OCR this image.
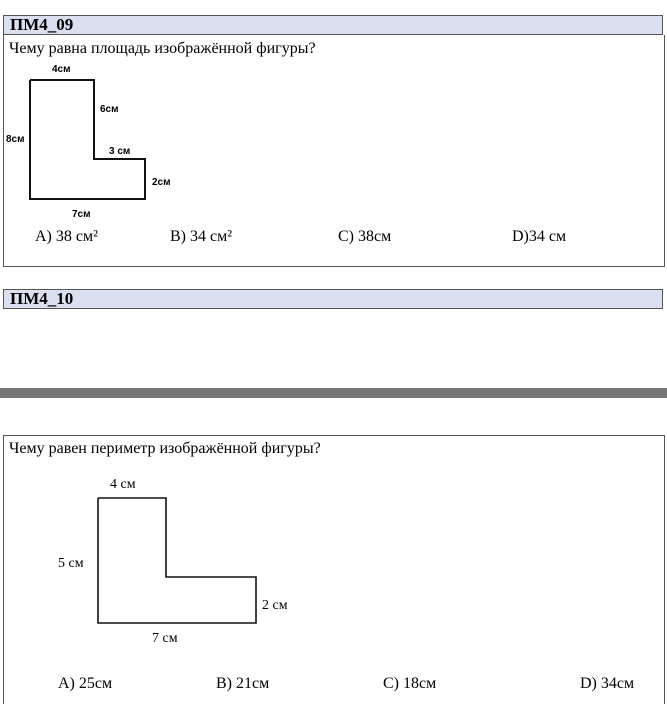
ПМ4_09
Чему равна площадь изображённой фигуры?
4см
6см
3 см
2см
7см
8см
A) 38 см²	B) 34 см²	C) 38см	D)34 см
ПМ4_10
Чему равен периметр изображённой фигуры?
4 см
5 см
2 см
7 см
A) 25см	B) 21см	C) 18см	D) 34см
